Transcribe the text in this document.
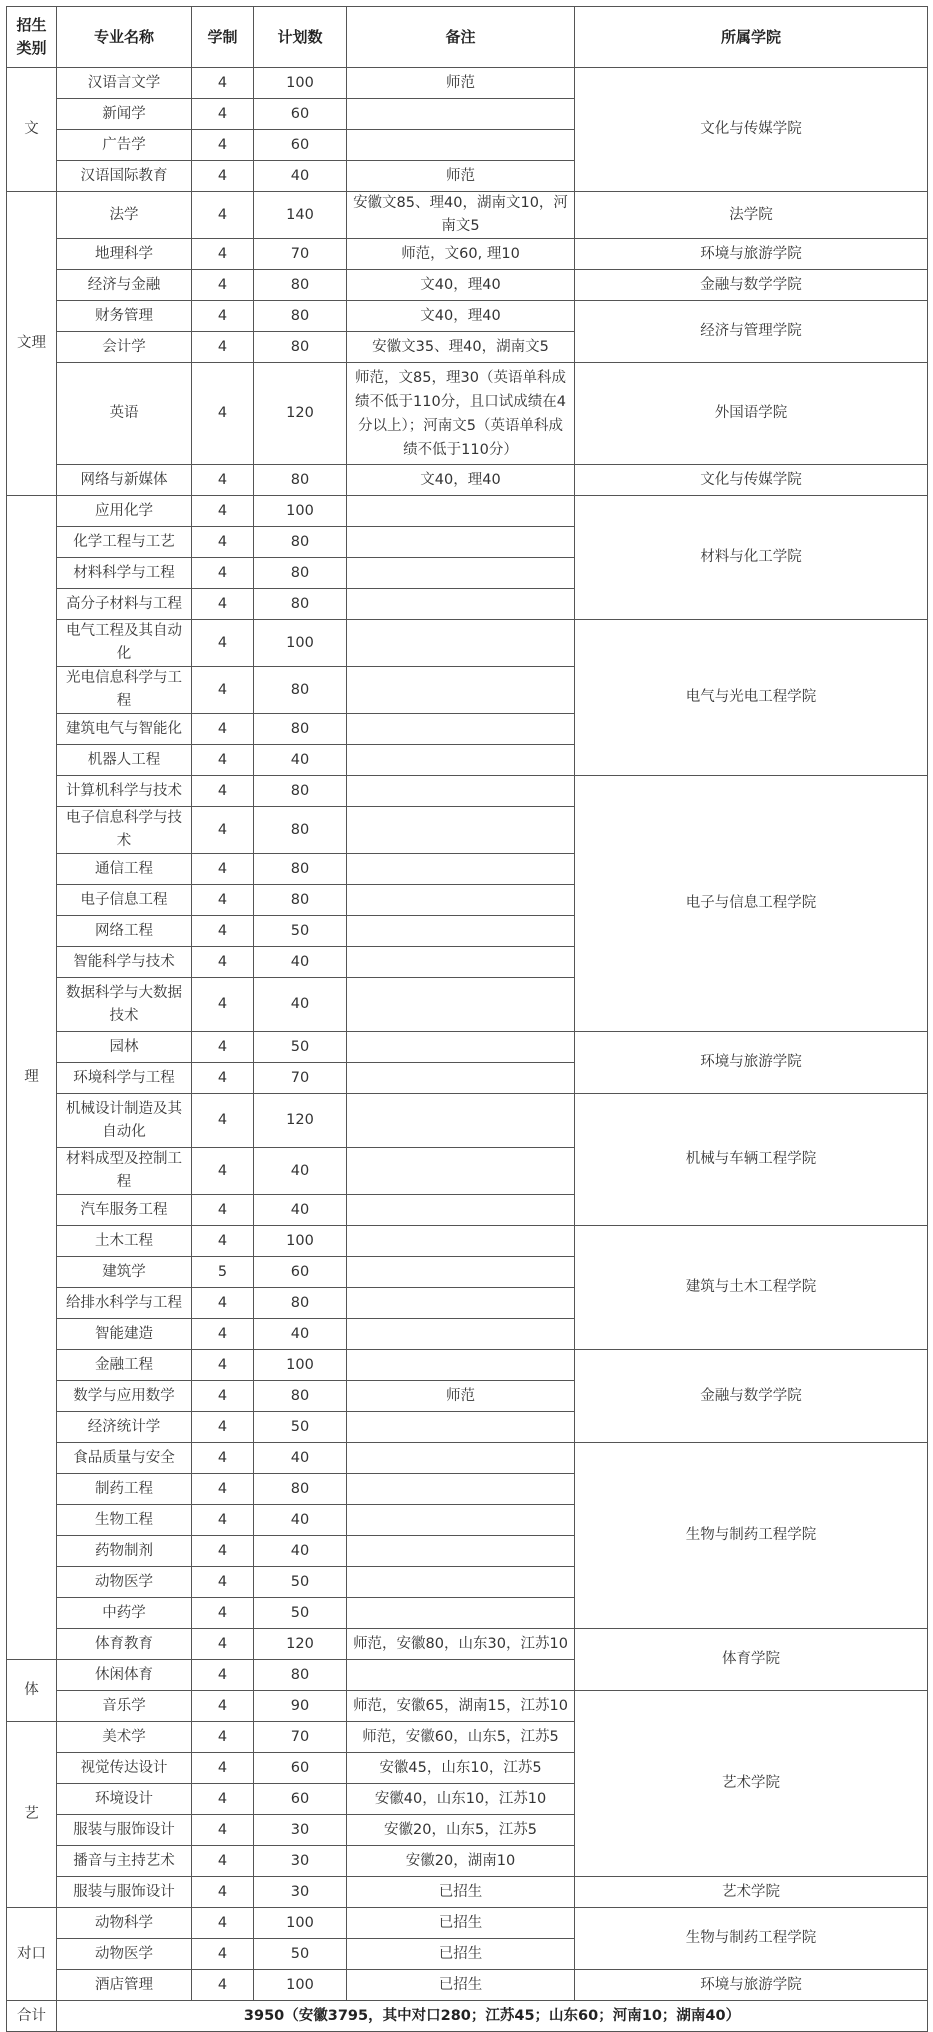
招生
类别	专业名称	学制	计划数	备注	所属学院
文	汉语言文学	4	100	师范	文化与传媒学院
	新闻学	4	60		
	广告学	4	60		
	汉语国际教育	4	40	师范	
文理	法学	4	140	安徽文85、理40，湖南文10，河南文5	法学院
	地理科学	4	70	师范，文60, 理10	环境与旅游学院
	经济与金融	4	80	文40，理40	金融与数学学院
	财务管理	4	80	文40，理40	经济与管理学院
	会计学	4	80	安徽文35、理40，湖南文5	
	英语	4	120	师范，文85，理30（英语单科成绩不低于110分，且口试成绩在4分以上）；河南文5（英语单科成绩不低于110分）	外国语学院
	网络与新媒体	4	80	文40，理40	文化与传媒学院
理	应用化学	4	100		材料与化工学院
	化学工程与工艺	4	80		
	材料科学与工程	4	80		
	高分子材料与工程	4	80		
	电气工程及其自动化	4	100		电气与光电工程学院
	光电信息科学与工程	4	80		
	建筑电气与智能化	4	80		
	机器人工程	4	40		
	计算机科学与技术	4	80		电子与信息工程学院
	电子信息科学与技术	4	80		
	通信工程	4	80		
	电子信息工程	4	80		
	网络工程	4	50		
	智能科学与技术	4	40		
	数据科学与大数据技术	4	40		
	园林	4	50		环境与旅游学院
	环境科学与工程	4	70		
	机械设计制造及其自动化	4	120		机械与车辆工程学院
	材料成型及控制工程	4	40		
	汽车服务工程	4	40		
	土木工程	4	100		建筑与土木工程学院
	建筑学	5	60		
	给排水科学与工程	4	80		
	智能建造	4	40		
	金融工程	4	100		金融与数学学院
	数学与应用数学	4	80	师范	
	经济统计学	4	50		
	食品质量与安全	4	40		生物与制药工程学院
	制药工程	4	80		
	生物工程	4	40		
	药物制剂	4	40		
	动物医学	4	50		
	中药学	4	50		
	体育教育	4	120	师范，安徽80，山东30，江苏10	体育学院
体	休闲体育	4	80		
	音乐学	4	90	师范，安徽65，湖南15，江苏10	艺术学院
艺	美术学	4	70	师范，安徽60，山东5，江苏5	
	视觉传达设计	4	60	安徽45，山东10，江苏5	
	环境设计	4	60	安徽40，山东10，江苏10	
	服装与服饰设计	4	30	安徽20，山东5，江苏5	
	播音与主持艺术	4	30	安徽20，湖南10	
	服装与服饰设计	4	30	已招生	艺术学院
对口	动物科学	4	100	已招生	生物与制药工程学院
	动物医学	4	50	已招生	
	酒店管理	4	100	已招生	环境与旅游学院
合计	3950（安徽3795，其中对口280；江苏45；山东60；河南10；湖南40）				
